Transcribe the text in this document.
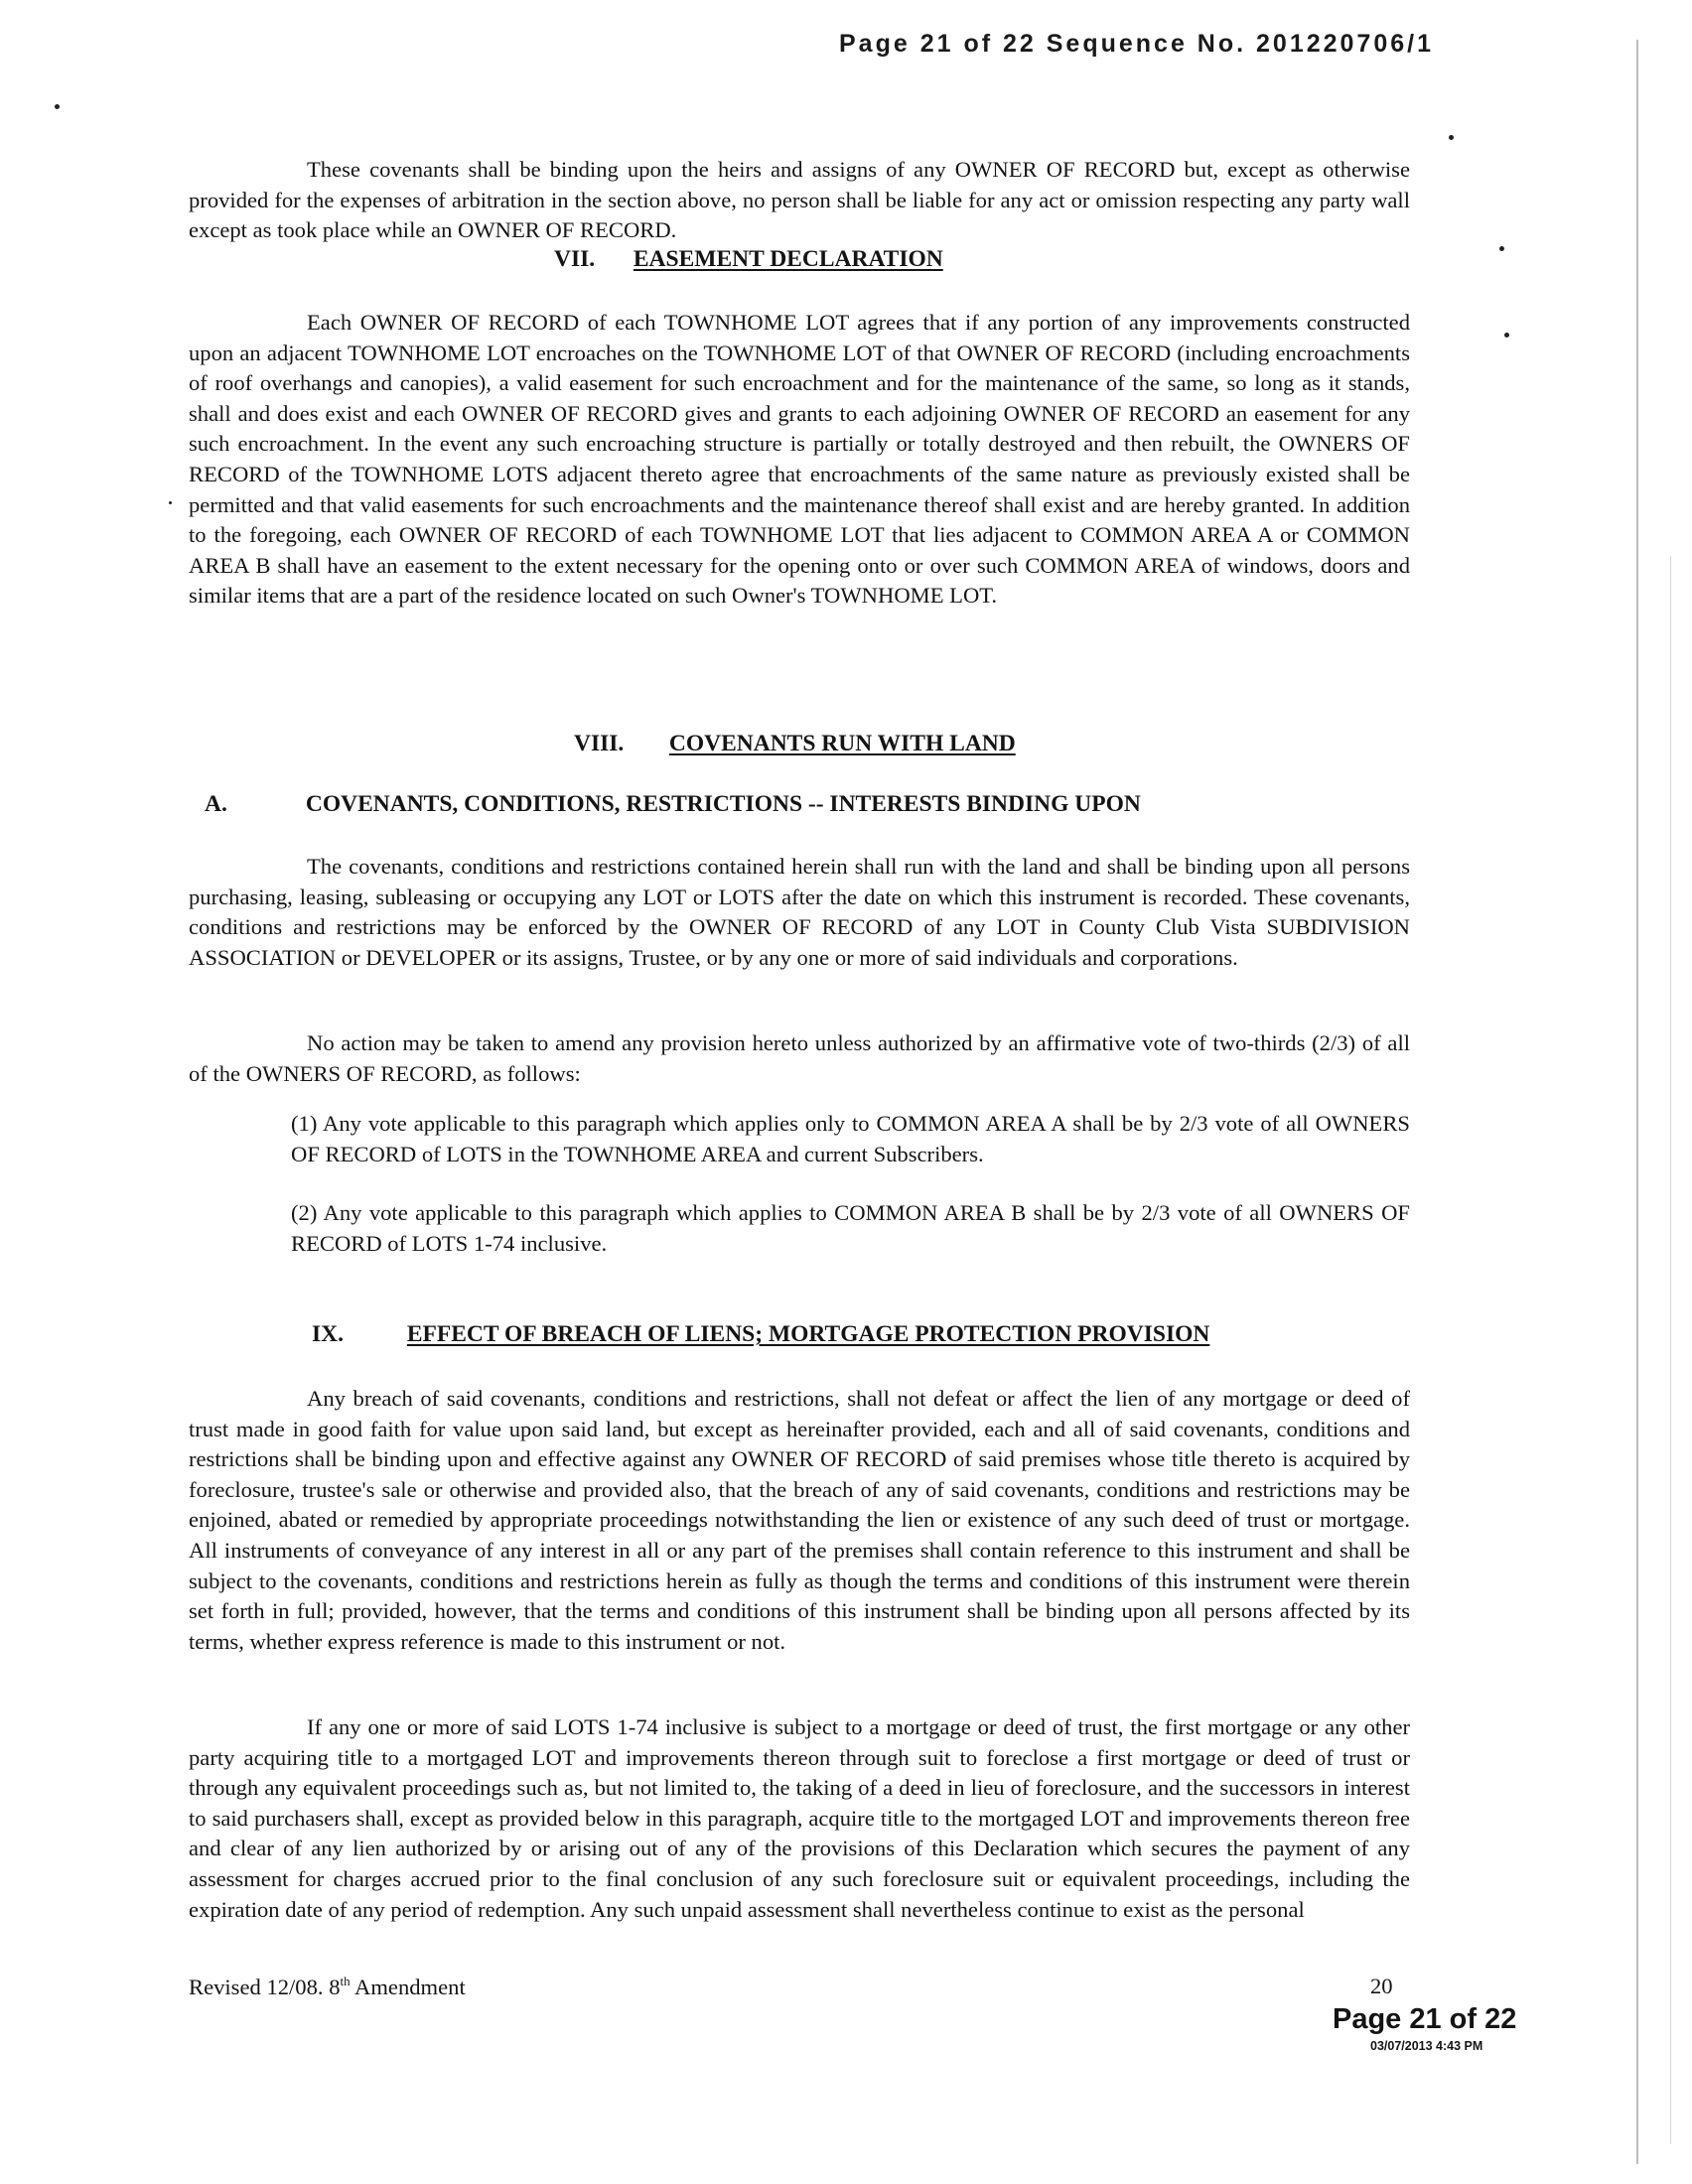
Page 21 of 22 Sequence No. 201220706/1

These covenants shall be binding upon the heirs and assigns of any OWNER OF RECORD but, except as otherwise provided for the expenses of arbitration in the section above, no person shall be liable for any act or omission respecting any party wall except as took place while an OWNER OF RECORD.

VII. EASEMENT DECLARATION

Each OWNER OF RECORD of each TOWNHOME LOT agrees that if any portion of any improvements constructed upon an adjacent TOWNHOME LOT encroaches on the TOWNHOME LOT of that OWNER OF RECORD (including encroachments of roof overhangs and canopies), a valid easement for such encroachment and for the maintenance of the same, so long as it stands, shall and does exist and each OWNER OF RECORD gives and grants to each adjoining OWNER OF RECORD an easement for any such encroachment. In the event any such encroaching structure is partially or totally destroyed and then rebuilt, the OWNERS OF RECORD of the TOWNHOME LOTS adjacent thereto agree that encroachments of the same nature as previously existed shall be permitted and that valid easements for such encroachments and the maintenance thereof shall exist and are hereby granted. In addition to the foregoing, each OWNER OF RECORD of each TOWNHOME LOT that lies adjacent to COMMON AREA A or COMMON AREA B shall have an easement to the extent necessary for the opening onto or over such COMMON AREA of windows, doors and similar items that are a part of the residence located on such Owner's TOWNHOME LOT.

VIII. COVENANTS RUN WITH LAND
A.	COVENANTS, CONDITIONS, RESTRICTIONS -- INTERESTS BINDING UPON

The covenants, conditions and restrictions contained herein shall run with the land and shall be binding upon all persons purchasing, leasing, subleasing or occupying any LOT or LOTS after the date on which this instrument is recorded. These covenants, conditions and restrictions may be enforced by the OWNER OF RECORD of any LOT in County Club Vista SUBDIVISION ASSOCIATION or DEVELOPER or its assigns, Trustee, or by any one or more of said individuals and corporations.

No action may be taken to amend any provision hereto unless authorized by an affirmative vote of two-thirds (2/3) of all of the OWNERS OF RECORD, as follows:

(1) Any vote applicable to this paragraph which applies only to COMMON AREA A shall be by 2/3 vote of all OWNERS OF RECORD of LOTS in the TOWNHOME AREA and current Subscribers.

(2) Any vote applicable to this paragraph which applies to COMMON AREA B shall be by 2/3 vote of all OWNERS OF RECORD of LOTS 1-74 inclusive.

IX.	EFFECT OF BREACH OF LIENS; MORTGAGE PROTECTION PROVISION

Any breach of said covenants, conditions and restrictions, shall not defeat or affect the lien of any mortgage or deed of trust made in good faith for value upon said land, but except as hereinafter provided, each and all of said covenants, conditions and restrictions shall be binding upon and effective against any OWNER OF RECORD of said premises whose title thereto is acquired by foreclosure, trustee's sale or otherwise and provided also, that the breach of any of said covenants, conditions and restrictions may be enjoined, abated or remedied by appropriate proceedings notwithstanding the lien or existence of any such deed of trust or mortgage. All instruments of conveyance of any interest in all or any part of the premises shall contain reference to this instrument and shall be subject to the covenants, conditions and restrictions herein as fully as though the terms and conditions of this instrument were therein set forth in full; provided, however, that the terms and conditions of this instrument shall be binding upon all persons affected by its terms, whether express reference is made to this instrument or not.

If any one or more of said LOTS 1-74 inclusive is subject to a mortgage or deed of trust, the first mortgage or any other party acquiring title to a mortgaged LOT and improvements thereon through suit to foreclose a first mortgage or deed of trust or through any equivalent proceedings such as, but not limited to, the taking of a deed in lieu of foreclosure, and the successors in interest to said purchasers shall, except as provided below in this paragraph, acquire title to the mortgaged LOT and improvements thereon free and clear of any lien authorized by or arising out of any of the provisions of this Declaration which secures the payment of any assessment for charges accrued prior to the final conclusion of any such foreclosure suit or equivalent proceedings, including the expiration date of any period of redemption. Any such unpaid assessment shall nevertheless continue to exist as the personal

Revised 12/08. 8th Amendment	20
Page 21 of 22
03/07/2013 4:43 PM
